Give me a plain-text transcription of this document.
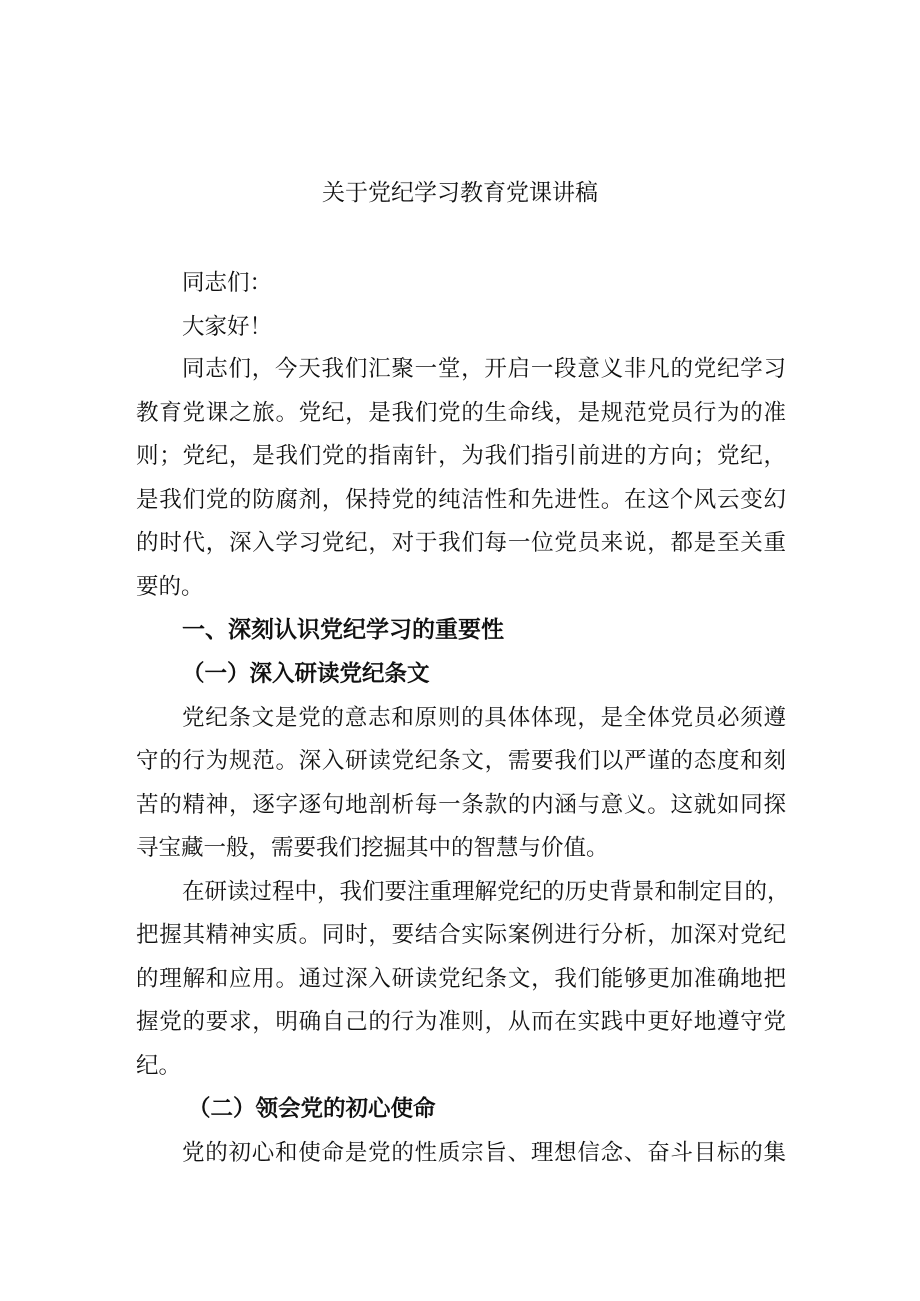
关于党纪学习教育党课讲稿

同志们：

大家好！

同志们，今天我们汇聚一堂，开启一段意义非凡的党纪学习

教育党课之旅。党纪，是我们党的生命线，是规范党员行为的准

则；党纪，是我们党的指南针，为我们指引前进的方向；党纪，

是我们党的防腐剂，保持党的纯洁性和先进性。在这个风云变幻

的时代，深入学习党纪，对于我们每一位党员来说，都是至关重

要的。

一、深刻认识党纪学习的重要性
（一）深入研读党纪条文

党纪条文是党的意志和原则的具体体现，是全体党员必须遵

守的行为规范。深入研读党纪条文，需要我们以严谨的态度和刻

苦的精神，逐字逐句地剖析每一条款的内涵与意义。这就如同探

寻宝藏一般，需要我们挖掘其中的智慧与价值。

在研读过程中，我们要注重理解党纪的历史背景和制定目的，

把握其精神实质。同时，要结合实际案例进行分析，加深对党纪

的理解和应用。通过深入研读党纪条文，我们能够更加准确地把

握党的要求，明确自己的行为准则，从而在实践中更好地遵守党

纪。

（二）领会党的初心使命

党的初心和使命是党的性质宗旨、理想信念、奋斗目标的集
